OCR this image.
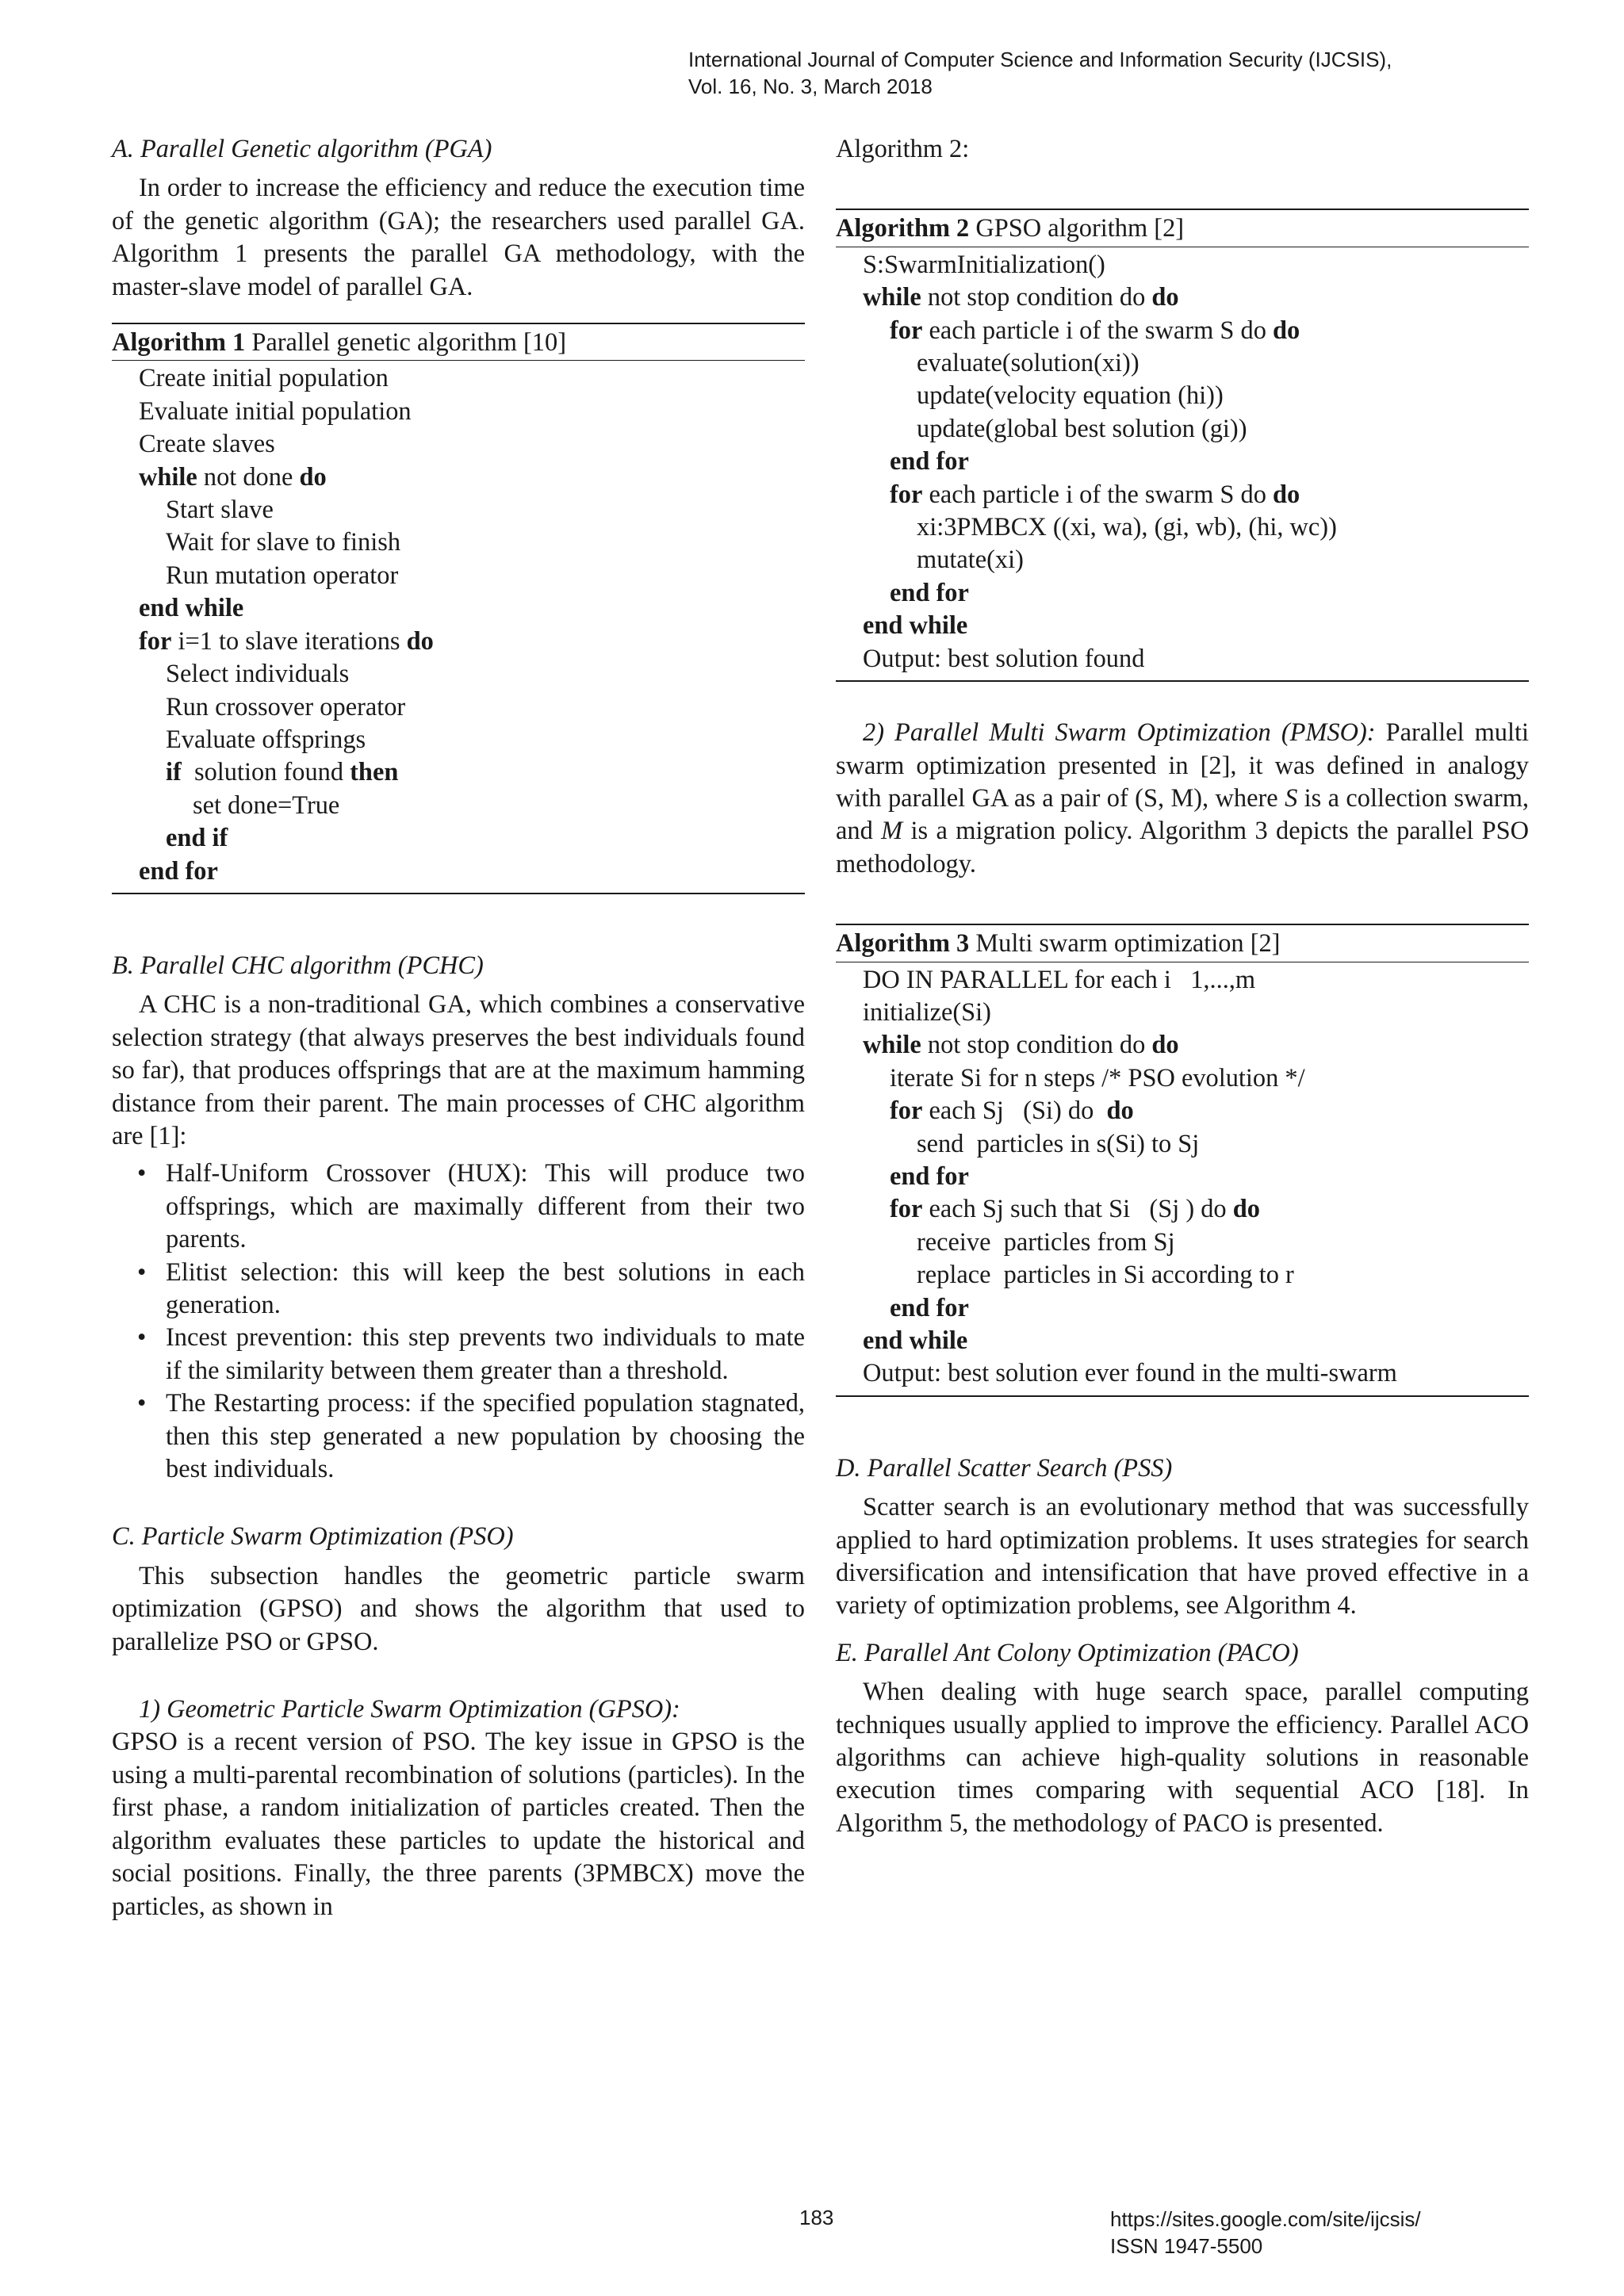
International Journal of Computer Science and Information Security (IJCSIS),
Vol. 16, No. 3, March 2018

A. Parallel Genetic algorithm (PGA)

In order to increase the efficiency and reduce the execution time of the genetic algorithm (GA); the researchers used parallel GA. Algorithm 1 presents the parallel GA methodology, with the master-slave model of parallel GA.

Algorithm 1 Parallel genetic algorithm [10]
Create initial population
Evaluate initial population
Create slaves
while not done do
Start slave
Wait for slave to finish
Run mutation operator
end while
for i=1 to slave iterations do
Select individuals
Run crossover operator
Evaluate offsprings
if  solution found then
set done=True
end if
end for

B. Parallel CHC algorithm (PCHC)

A CHC is a non-traditional GA, which combines a conservative selection strategy (that always preserves the best individuals found so far), that produces offsprings that are at the maximum hamming distance from their parent. The main processes of CHC algorithm are [1]:

• Half-Uniform Crossover (HUX): This will produce two offsprings, which are maximally different from their two parents.
• Elitist selection: this will keep the best solutions in each generation.
• Incest prevention: this step prevents two individuals to mate if the similarity between them greater than a threshold.
• The Restarting process: if the specified population stagnated, then this step generated a new population by choosing the best individuals.

C. Particle Swarm Optimization (PSO)

This subsection handles the geometric particle swarm optimization (GPSO) and shows the algorithm that used to parallelize PSO or GPSO.

1) Geometric Particle Swarm Optimization (GPSO):

GPSO is a recent version of PSO. The key issue in GPSO is the using a multi-parental recombination of solutions (particles). In the first phase, a random initialization of particles created. Then the algorithm evaluates these particles to update the historical and social positions. Finally, the three parents (3PMBCX) move the particles, as shown in

Algorithm 2:

Algorithm 2 GPSO algorithm [2]
S:SwarmInitialization()
while not stop condition do do
for each particle i of the swarm S do do
evaluate(solution(xi))
update(velocity equation (hi))
update(global best solution (gi))
end for
for each particle i of the swarm S do do
xi:3PMBCX ((xi, wa), (gi, wb), (hi, wc))
mutate(xi)
end for
end while
Output: best solution found

2) Parallel Multi Swarm Optimization (PMSO): Parallel multi swarm optimization presented in [2], it was defined in analogy with parallel GA as a pair of (S, M), where S is a collection swarm, and M is a migration policy. Algorithm 3 depicts the parallel PSO methodology.

Algorithm 3 Multi swarm optimization [2]
DO IN PARALLEL for each i   1,...,m
initialize(Si)
while not stop condition do do
iterate Si for n steps /* PSO evolution */
for each Sj   (Si) do  do
send  particles in s(Si) to Sj
end for
for each Sj such that Si   (Sj ) do do
receive  particles from Sj
replace  particles in Si according to r
end for
end while
Output: best solution ever found in the multi-swarm

D. Parallel Scatter Search (PSS)

Scatter search is an evolutionary method that was successfully applied to hard optimization problems. It uses strategies for search diversification and intensification that have proved effective in a variety of optimization problems, see Algorithm 4.

E. Parallel Ant Colony Optimization (PACO)

When dealing with huge search space, parallel computing techniques usually applied to improve the efficiency. Parallel ACO algorithms can achieve high-quality solutions in reasonable execution times comparing with sequential ACO [18]. In Algorithm 5, the methodology of PACO is presented.

183	https://sites.google.com/site/ijcsis/
ISSN 1947-5500
